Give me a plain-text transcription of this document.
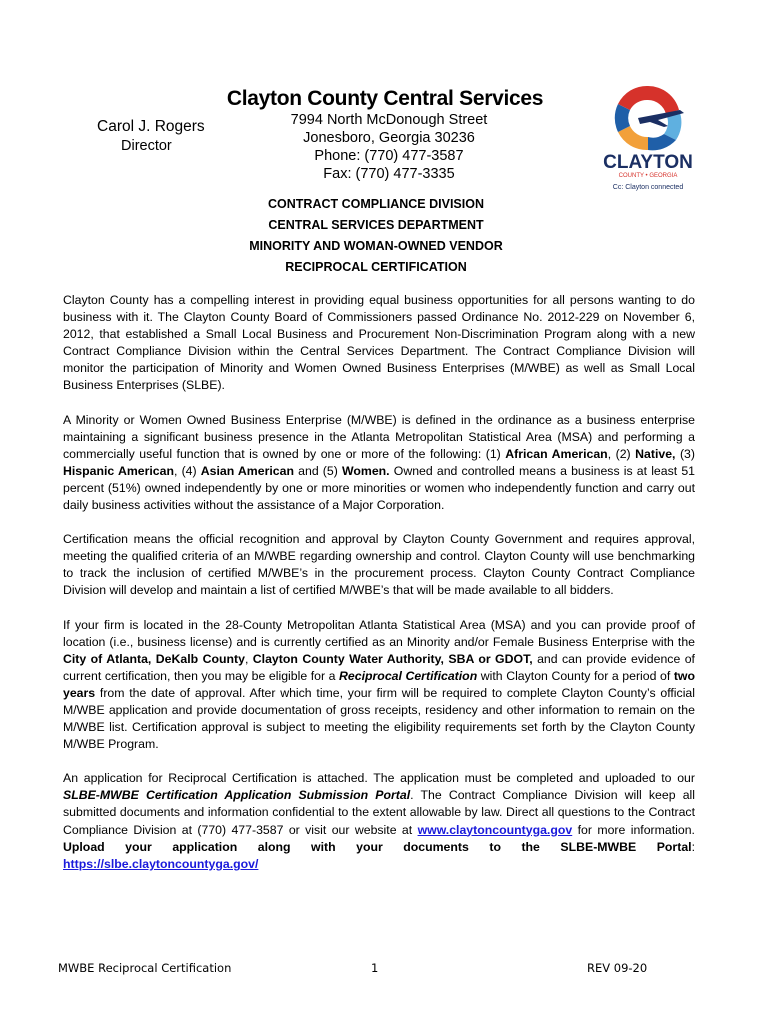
Clayton County Central Services
Carol J. Rogers
Director
7994 North McDonough Street
Jonesboro, Georgia 30236
Phone: (770) 477-3587
Fax: (770) 477-3335
CLAYTON
COUNTY • GEORGIA
Cc: Clayton connected
CONTRACT COMPLIANCE DIVISION
CENTRAL SERVICES DEPARTMENT
MINORITY AND WOMAN-OWNED VENDOR
RECIPROCAL CERTIFICATION

Clayton County has a compelling interest in providing equal business opportunities for all persons wanting to do business with it. The Clayton County Board of Commissioners passed Ordinance No. 2012-229 on November 6, 2012, that established a Small Local Business and Procurement Non-Discrimination Program along with a new Contract Compliance Division within the Central Services Department. The Contract Compliance Division will monitor the participation of Minority and Women Owned Business Enterprises (M/WBE) as well as Small Local Business Enterprises (SLBE).

A Minority or Women Owned Business Enterprise (M/WBE) is defined in the ordinance as a business enterprise maintaining a significant business presence in the Atlanta Metropolitan Statistical Area (MSA) and performing a commercially useful function that is owned by one or more of the following: (1) African American, (2) Native, (3) Hispanic American, (4) Asian American and (5) Women. Owned and controlled means a business is at least 51 percent (51%) owned independently by one or more minorities or women who independently function and carry out daily business activities without the assistance of a Major Corporation.

Certification means the official recognition and approval by Clayton County Government and requires approval, meeting the qualified criteria of an M/WBE regarding ownership and control. Clayton County will use benchmarking to track the inclusion of certified M/WBE’s in the procurement process. Clayton County Contract Compliance Division will develop and maintain a list of certified M/WBE’s that will be made available to all bidders.

If your firm is located in the 28-County Metropolitan Atlanta Statistical Area (MSA) and you can provide proof of location (i.e., business license) and is currently certified as an Minority and/or Female Business Enterprise with the City of Atlanta, DeKalb County, Clayton County Water Authority, SBA or GDOT, and can provide evidence of current certification, then you may be eligible for a Reciprocal Certification with Clayton County for a period of two years from the date of approval. After which time, your firm will be required to complete Clayton County’s official M/WBE application and provide documentation of gross receipts, residency and other information to remain on the M/WBE list. Certification approval is subject to meeting the eligibility requirements set forth by the Clayton County M/WBE Program.

An application for Reciprocal Certification is attached. The application must be completed and uploaded to our SLBE-MWBE Certification Application Submission Portal. The Contract Compliance Division will keep all submitted documents and information confidential to the extent allowable by law. Direct all questions to the Contract Compliance Division at (770) 477-3587 or visit our website at www.claytoncountyga.gov for more information. Upload your application along with your documents to the SLBE-MWBE Portal: https://slbe.claytoncountyga.gov/

MWBE Reciprocal Certification	1	REV 09-20
